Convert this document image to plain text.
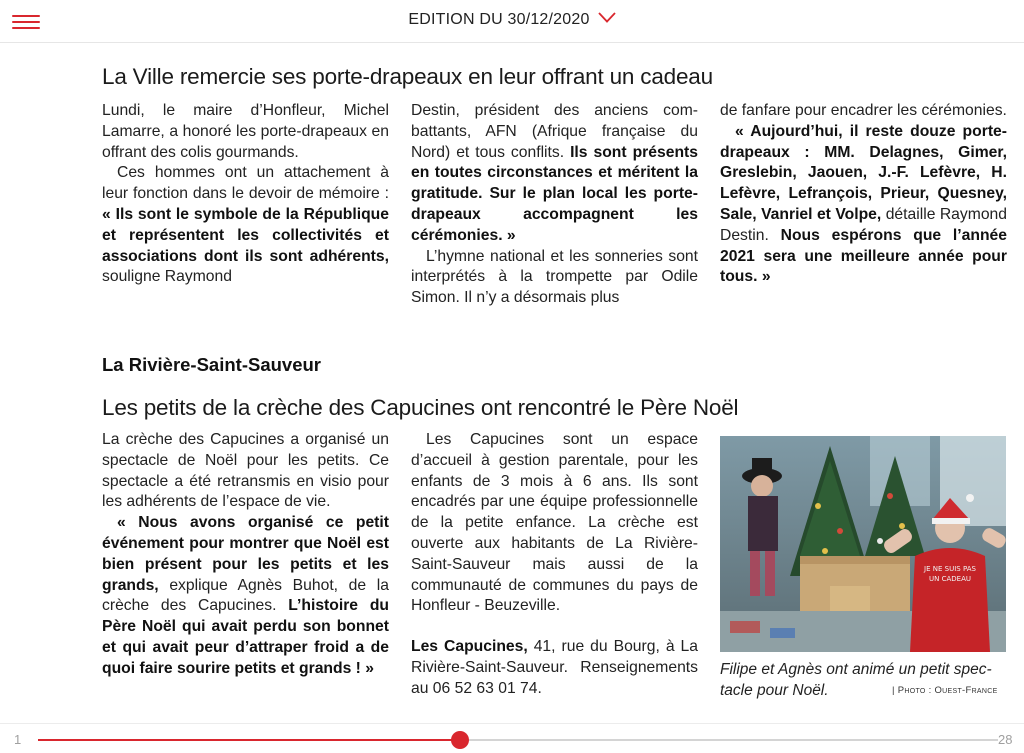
EDITION DU 30/12/2020
La Ville remercie ses porte-drapeaux en leur offrant un cadeau

Lundi, le maire d’Honfleur, Michel Lamarre, a honoré les porte-drapeaux en offrant des colis gourmands.

Ces hommes ont un attachement à leur fonction dans le devoir de mémoire : « Ils sont le symbole de la République et représentent les collectivités et associations dont ils sont adhérents, souligne Raymond

Destin, président des anciens combattants, AFN (Afrique française du Nord) et tous conflits. Ils sont présents en toutes circonstances et méritent la gratitude. Sur le plan local les porte-drapeaux accompagnent les cérémonies. »

L’hymne national et les sonneries sont interprétés à la trompette par Odile Simon. Il n’y a désormais plus

de fanfare pour encadrer les cérémonies.

« Aujourd’hui, il reste douze porte-drapeaux : MM. Delagnes, Gimer, Greslebin, Jaouen, J.-F. Lefèvre, H. Lefèvre, Lefrançois, Prieur, Quesney, Sale, Vanriel et Volpe, détaille Raymond Destin. Nous espérons que l’année 2021 sera une meilleure année pour tous. »

La Rivière-Saint-Sauveur
Les petits de la crèche des Capucines ont rencontré le Père Noël

La crèche des Capucines a organisé un spectacle de Noël pour les petits. Ce spectacle a été retransmis en visio pour les adhérents de l’espace de vie.

« Nous avons organisé ce petit événement pour montrer que Noël est bien présent pour les petits et les grands, explique Agnès Buhot, de la crèche des Capucines. L’histoire du Père Noël qui avait perdu son bonnet et qui avait peur d’attraper froid a de quoi faire sourire petits et grands ! »

Les Capucines sont un espace d’accueil à gestion parentale, pour les enfants de 3 mois à 6 ans. Ils sont encadrés par une équipe professionnelle de la petite enfance. La crèche est ouverte aux habitants de La Rivière-Saint-Sauveur mais aussi de la communauté de communes du pays de Honfleur - Beuzeville.

Les Capucines, 41, rue du Bourg, à La Rivière-Saint-Sauveur. Renseignements au 06 52 63 01 74.

JE NE SUIS PAS
UN CADEAU
Filipe et Agnès ont animé un petit spectacle pour Noël.	| Photo : Ouest-France
1	28
